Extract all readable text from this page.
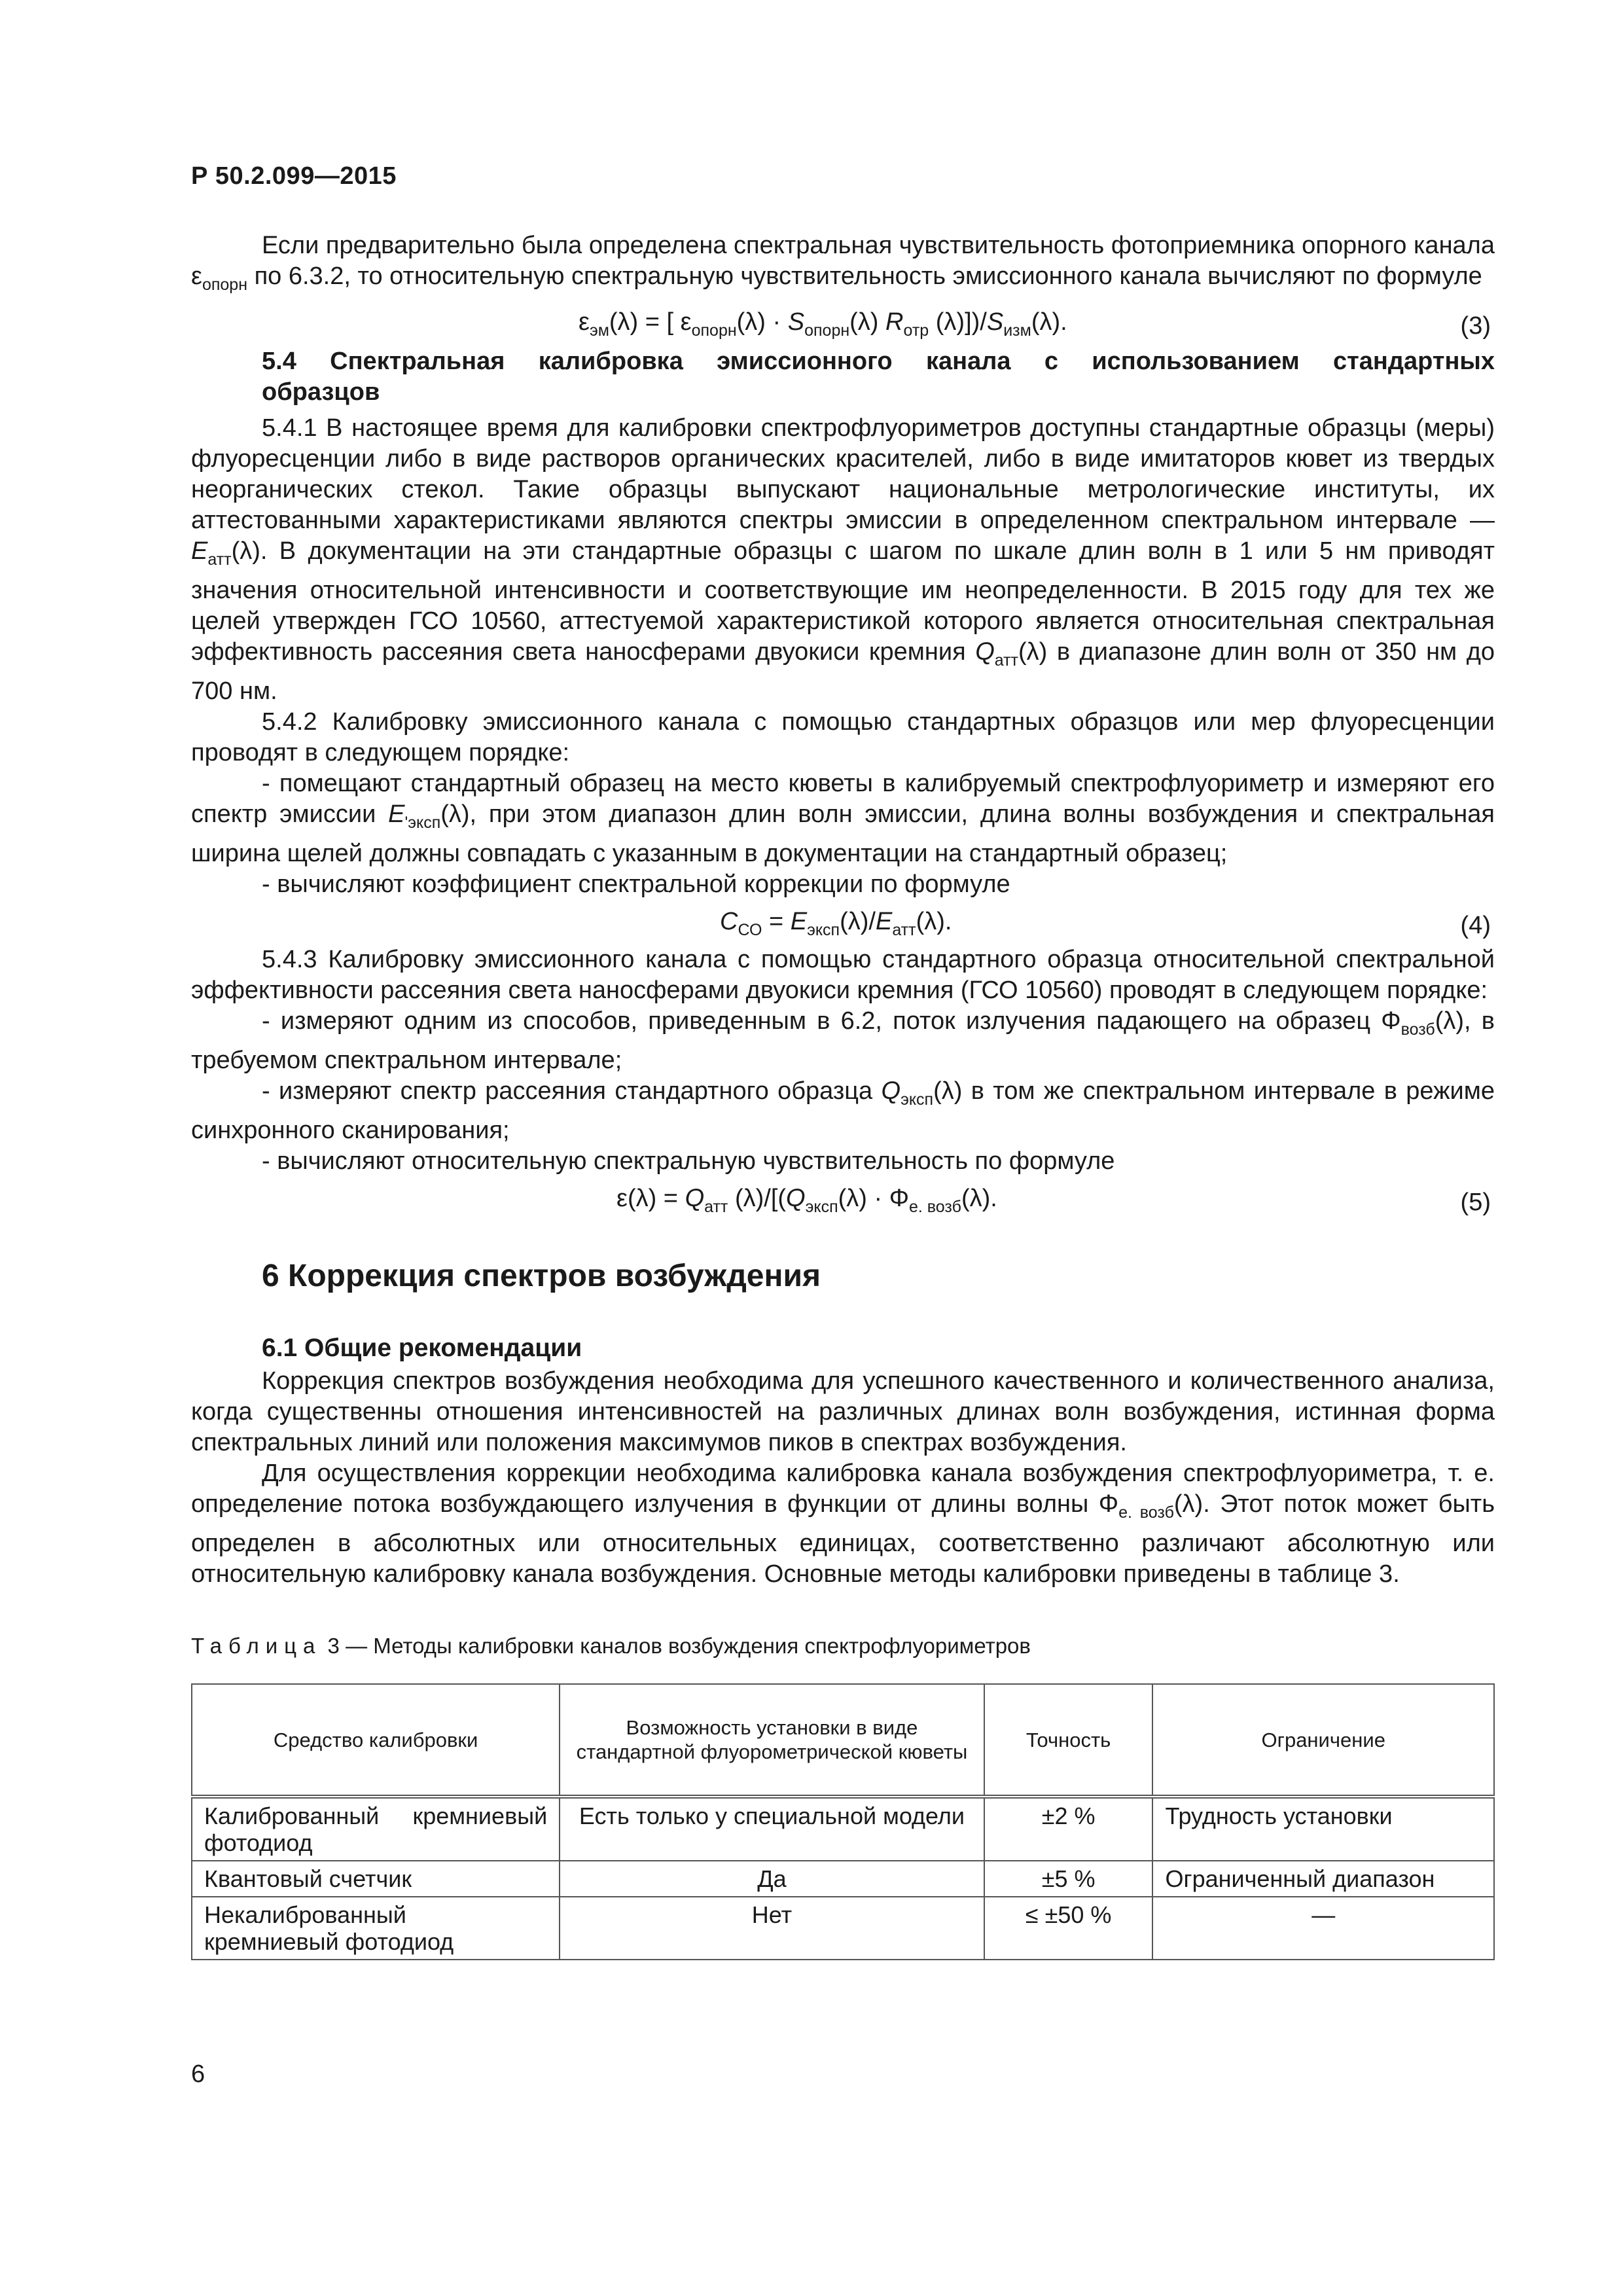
Р 50.2.099—2015

Если предварительно была определена спектральная чувствительность фотоприемника опорного канала $\varepsilon_{опорн}$ по 6.3.2, то относительную спектральную чувствительность эмиссионного канала вычисляют по формуле

$\varepsilon_{эм}(\lambda)$ = [ $\varepsilon_{опорн}(\lambda) \cdot S_{опорн}(\lambda)$ $R_{отр}$ $(\lambda)])/S_{изм}(\lambda)$.	(3)
5.4 Спектральная калибровка эмиссионного канала с использованием стандартных
образцов

5.4.1 В настоящее время для калибровки спектрофлуориметров доступны стандартные образцы (меры) флуоресценции либо в виде растворов органических красителей, либо в виде имитаторов кювет из твердых неорганических стекол. Такие образцы выпускают национальные метрологические институты, их аттестованными характеристиками являются спектры эмиссии в определенном спектральном интервале — $E_{атт}(\lambda)$. В документации на эти стандартные образцы с шагом по шкале длин волн в 1 или 5 нм приводят значения относительной интенсивности и соответствующие им неопределенности. В 2015 году для тех же целей утвержден ГСО 10560, аттестуемой характеристикой которого является относительная спектральная эффективность рассеяния света наносферами двуокиси кремния $Q_{атт}(\lambda)$ в диапазоне длин волн от 350 нм до 700 нм.

5.4.2 Калибровку эмиссионного канала с помощью стандартных образцов или мер флуоресценции проводят в следующем порядке:

- помещают стандартный образец на место кюветы в калибруемый спектрофлуориметр и измеряют его спектр эмиссии $E_{'эксп}(\lambda)$, при этом диапазон длин волн эмиссии, длина волны возбуждения и спектральная ширина щелей должны совпадать с указанным в документации на стандартный образец;

- вычисляют коэффициент спектральной коррекции по формуле

$C_{СО} = E_{эксп}(\lambda)/E_{атт}(\lambda)$.	(4)

5.4.3 Калибровку эмиссионного канала с помощью стандартного образца относительной спектральной эффективности рассеяния света наносферами двуокиси кремния (ГСО 10560) проводят в следующем порядке:

- измеряют одним из способов, приведенным в 6.2, поток излучения падающего на образец $\Phi_{возб}(\lambda)$, в требуемом спектральном интервале;

- измеряют спектр рассеяния стандартного образца $Q_{эксп}(\lambda)$ в том же спектральном интервале в режиме синхронного сканирования;

- вычисляют относительную спектральную чувствительность по формуле

$\varepsilon(\lambda) = Q_{атт}$ $(\lambda)/[(Q_{эксп}(\lambda) \cdot \Phi_{е. возб}(\lambda)$.	(5)
6 Коррекция спектров возбуждения
6.1 Общие рекомендации

Коррекция спектров возбуждения необходима для успешного качественного и количественного анализа, когда существенны отношения интенсивностей на различных длинах волн возбуждения, истинная форма спектральных линий или положения максимумов пиков в спектрах возбуждения.

Для осуществления коррекции необходима калибровка канала возбуждения спектрофлуориметра, т. е. определение потока возбуждающего излучения в функции от длины волны $\Phi_{е. возб}(\lambda)$. Этот поток может быть определен в абсолютных или относительных единицах, соответственно различают абсолютную или относительную калибровку канала возбуждения. Основные методы калибровки приведены в таблице 3.

Таблица 3 — Методы калибровки каналов возбуждения спектрофлуориметров
Средство калибровки	Возможность установки в виде стандартной флуорометрической кюветы	Точность	Ограничение
Калиброванный кремниевый фотодиод	Есть только у специальной модели	±2 %	Трудность установки
Квантовый счетчик	Да	±5 %	Ограниченный диапазон
Некалиброванный кремниевый фотодиод	Нет	≤ ±50 %	—
6
